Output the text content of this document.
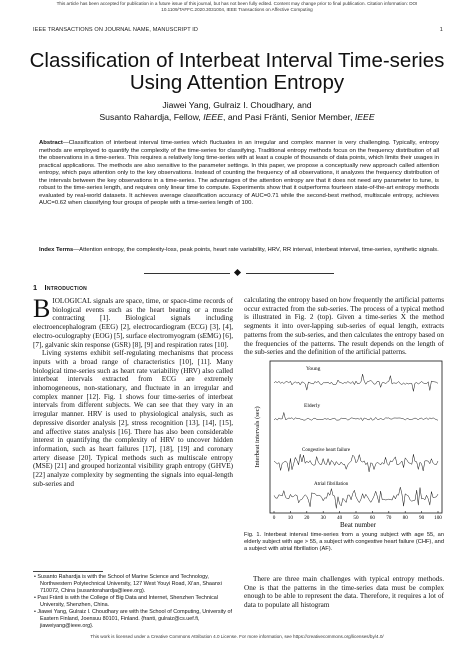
This article has been accepted for publication in a future issue of this journal, but has not been fully edited. Content may change prior to final publication. Citation information: DOI
10.1109/TAFFC.2020.3031004, IEEE Transactions on Affective Computing
IEEE TRANSACTIONS ON JOURNAL NAME, MANUSCRIPT ID	1
Classification of Interbeat Interval Time-series
Using Attention Entropy
Jiawei Yang, Gulraiz I. Choudhary, and
Susanto Rahardja, Fellow, IEEE, and Pasi Fränti, Senior Member, IEEE
Abstract—Classification of interbeat interval time-series which fluctuates in an irregular and complex manner is very challenging. Typically, entropy methods are employed to quantify the complexity of the time-series for classifying. Traditional entropy methods focus on the frequency distribution of all the observations in a time-series. This requires a relatively long time-series with at least a couple of thousands of data points, which limits their usages in practical applications. The methods are also sensitive to the parameter settings. In this paper, we propose a conceptually new approach called attention entropy, which pays attention only to the key observations. Instead of counting the frequency of all observations, it analyzes the frequency distribution of the intervals between the key observations in a time-series. The advantages of the attention entropy are that it does not need any parameter to tune, is robust to the time-series length, and requires only linear time to compute. Experiments show that it outperforms fourteen state-of-the-art entropy methods evaluated by real-world datasets. It achieves average classification accuracy of AUC=0.71 while the second-best method, multiscale entropy, achieves AUC=0.62 when classifying four groups of people with a time-series length of 100.
Index Terms—Attention entropy, the complexity-loss, peak points, heart rate variability, HRV, RR interval, interbeat interval, time-series, synthetic signals.
1 Introduction

BIOLOGICAL signals are space, time, or space-time records of biological events such as the heart beating or a muscle contracting [1]. Biological signals including electroencephalogram (EEG) [2], electrocardiogram (ECG) [3], [4], electro-oculography (EOG) [5], surface electromyogram (sEMG) [6], [7], galvanic skin response (GSR) [8], [9] and respiration rates [10].

Living systems exhibit self-regulating mechanisms that process inputs with a broad range of characteristics [10], [11]. Many biological time-series such as heart rate variability (HRV) also called interbeat intervals extracted from ECG are extremely inhomogeneous, non-stationary, and fluctuate in an irregular and complex manner [12]. Fig. 1 shows four time-series of interbeat intervals from different subjects. We can see that they vary in an irregular manner. HRV is used to physiological analysis, such as depressive disorder analysis [2], stress recognition [13], [14], [15], and affective states analysis [16]. There has also been considerable interest in quantifying the complexity of HRV to uncover hidden information, such as heart failures [17], [18], [19] and coronary artery disease [20]. Typical methods such as multiscale entropy (MSE) [21] and grouped horizontal visibility graph entropy (GHVE) [22] analyze complexity by segmenting the signals into equal-length sub-series and

calculating the entropy based on how frequently the artificial patterns occur extracted from the sub-series. The process of a typical method is illustrated in Fig. 2 (top). Given a time-series X the method segments it into over-lapping sub-series of equal length, extracts patterns from the sub-series, and then calculates the entropy based on the frequencies of the patterns. The result depends on the length of the sub-series and the definition of the artificial patterns.

Interbeat intervals (sec)
Beat number
0 10 20 30 40 50 60 70 80 90 100
Young
Elderly
Congestive heart failure
Atrial fibrillation
Fig. 1. Interbeat interval time-series from a young subject with age 55, an elderly subject with age > 55, a subject with congestive heart failure (CHF), and a subject with atrial fibrillation (AF).

There are three main challenges with typical entropy methods. One is that the patterns in the time-series data must be complex enough to be able to represent the data. Therefore, it requires a lot of data to populate all histogram

• Susanto Rahardja is with the School of Marine Science and Technology, Northwestern Polytechnical University, 127 West Youyi Road, Xi'an, Shaanxi 710072, China (susantorahardja@ieee.org).
• Pasi Fränti is with the College of Big Data and Internet, Shenzhen Technical University, Shenzhen, China.
• Jiawei Yang, Gulraiz I. Choudhary are with the School of Computing, University of Eastern Finland, Joensuu 80101, Finland. {franti, gulraiz@cs.uef.fi, jiaweiyang@ieee.org}.
This work is licensed under a Creative Commons Attribution 4.0 License. For more information, see https://creativecommons.org/licenses/by/4.0/
